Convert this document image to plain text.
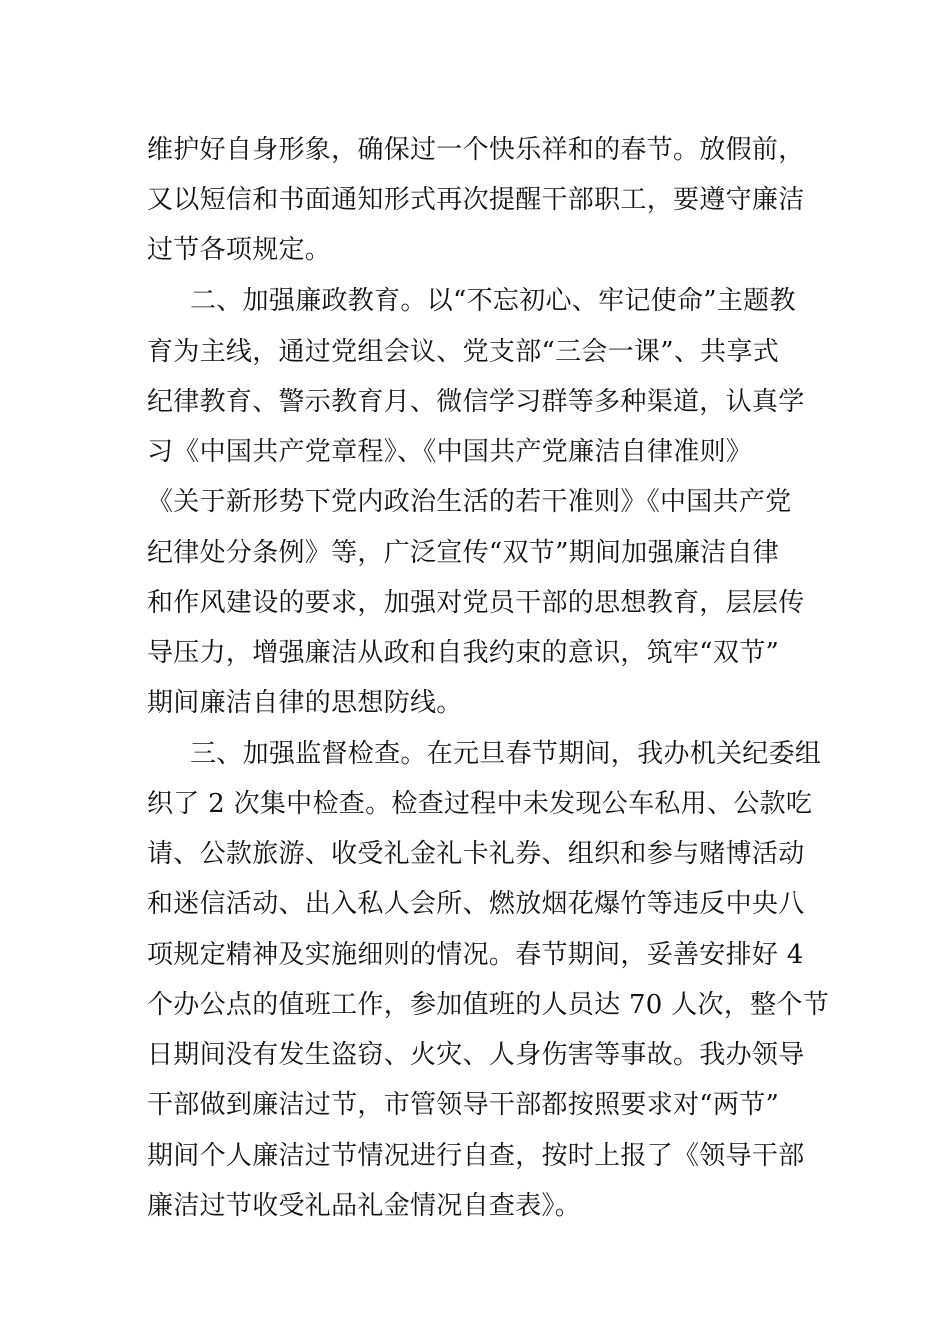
维护好自身形象，确保过一个快乐祥和的春节。放假前，
又以短信和书面通知形式再次提醒干部职工，要遵守廉洁
过节各项规定。
二、加强廉政教育。以“不忘初心、牢记使命”主题教
育为主线，通过党组会议、党支部“三会一课”、共享式
纪律教育、警示教育月、微信学习群等多种渠道，认真学
习《中国共产党章程》、《中国共产党廉洁自律准则》
《关于新形势下党内政治生活的若干准则》《中国共产党
纪律处分条例》等，广泛宣传“双节”期间加强廉洁自律
和作风建设的要求，加强对党员干部的思想教育，层层传
导压力，增强廉洁从政和自我约束的意识，筑牢“双节”
期间廉洁自律的思想防线。
三、加强监督检查。在元旦春节期间，我办机关纪委组
织了 2 次集中检查。检查过程中未发现公车私用、公款吃
请、公款旅游、收受礼金礼卡礼券、组织和参与赌博活动
和迷信活动、出入私人会所、燃放烟花爆竹等违反中央八
项规定精神及实施细则的情况。春节期间，妥善安排好 4
个办公点的值班工作，参加值班的人员达 70 人次，整个节
日期间没有发生盗窃、火灾、人身伤害等事故。我办领导
干部做到廉洁过节，市管领导干部都按照要求对“两节”
期间个人廉洁过节情况进行自查，按时上报了《领导干部
廉洁过节收受礼品礼金情况自查表》。
